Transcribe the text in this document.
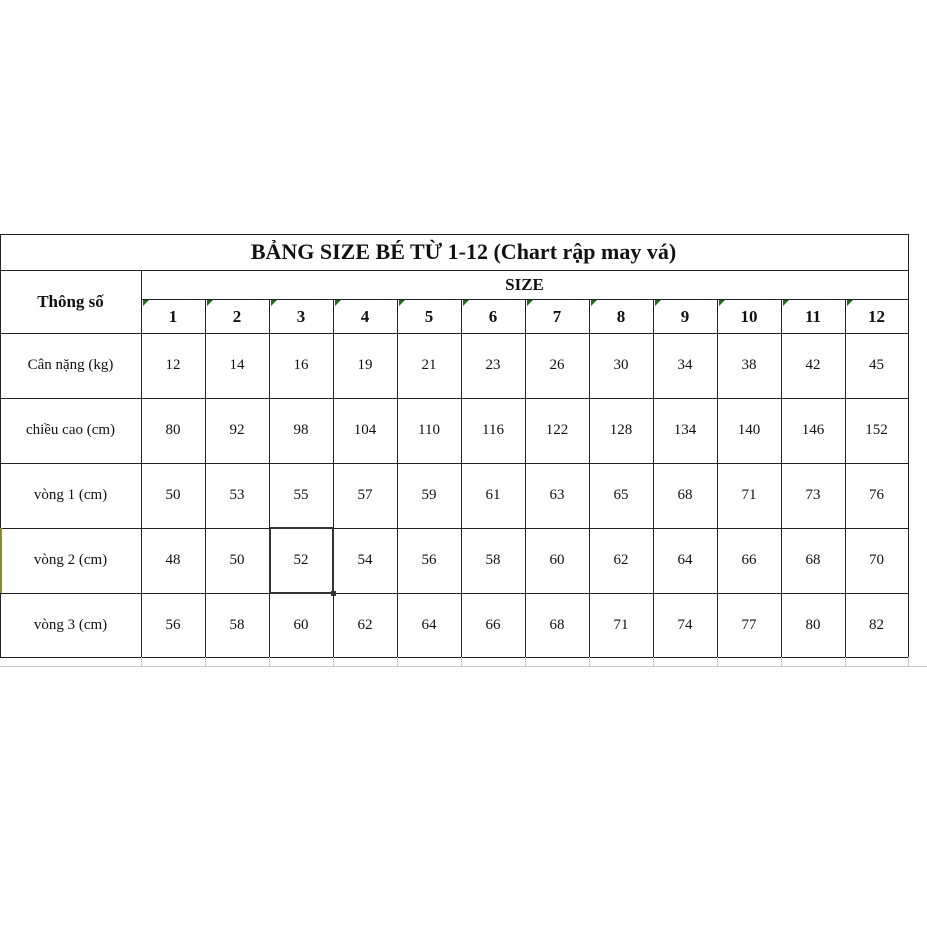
BẢNG SIZE BÉ TỪ 1-12 (Chart rập may vá)
Thông số
SIZE
1	2	3	4	5	6	7	8	9	10	11	12
Cân nặng (kg)	12	14	16	19	21	23	26	30	34	38	42	45
chiều cao (cm)	80	92	98	104	110	116	122	128	134	140	146	152
vòng 1 (cm)	50	53	55	57	59	61	63	65	68	71	73	76
vòng 2 (cm)	48	50	52	54	56	58	60	62	64	66	68	70
vòng 3 (cm)	56	58	60	62	64	66	68	71	74	77	80	82
